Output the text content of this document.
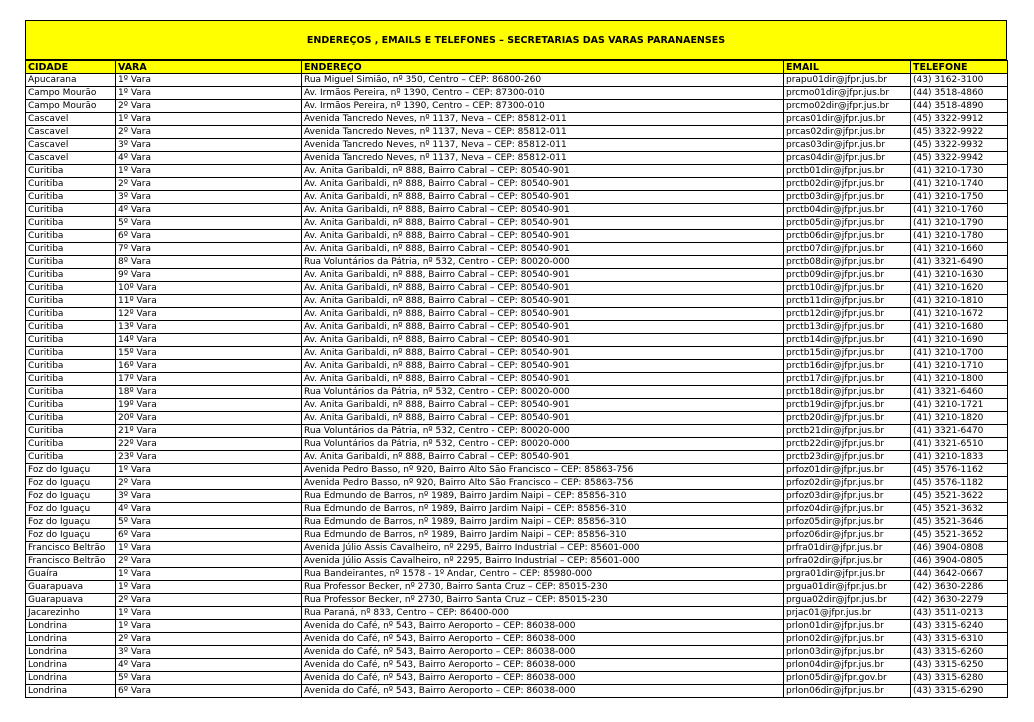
ENDEREÇOS , EMAILS E TELEFONES – SECRETARIAS DAS VARAS PARANAENSES
CIDADE	VARA	ENDEREÇO	EMAIL	TELEFONE
Apucarana	1º Vara	Rua Miguel Simião, nº 350, Centro – CEP: 86800-260	prapu01dir@jfpr.jus.br	(43) 3162-3100
Campo Mourão	1º Vara	Av. Irmãos Pereira, nº 1390, Centro – CEP: 87300-010	prcmo01dir@jfpr.jus.br	(44) 3518-4860
Campo Mourão	2º Vara	Av. Irmãos Pereira, nº 1390, Centro – CEP: 87300-010	prcmo02dir@jfpr.jus.br	(44) 3518-4890
Cascavel	1º Vara	Avenida Tancredo Neves, nº 1137, Neva – CEP: 85812-011	prcas01dir@jfpr.jus.br	(45) 3322-9912
Cascavel	2º Vara	Avenida Tancredo Neves, nº 1137, Neva – CEP: 85812-011	prcas02dir@jfpr.jus.br	(45) 3322-9922
Cascavel	3º Vara	Avenida Tancredo Neves, nº 1137, Neva – CEP: 85812-011	prcas03dir@jfpr.jus.br	(45) 3322-9932
Cascavel	4º Vara	Avenida Tancredo Neves, nº 1137, Neva – CEP: 85812-011	prcas04dir@jfpr.jus.br	(45) 3322-9942
Curitiba	1º Vara	Av. Anita Garibaldi, nº 888, Bairro Cabral – CEP: 80540-901	prctb01dir@jfpr.jus.br	(41) 3210-1730
Curitiba	2º Vara	Av. Anita Garibaldi, nº 888, Bairro Cabral – CEP: 80540-901	prctb02dir@jfpr.jus.br	(41) 3210-1740
Curitiba	3º Vara	Av. Anita Garibaldi, nº 888, Bairro Cabral – CEP: 80540-901	prctb03dir@jfpr.jus.br	(41) 3210-1750
Curitiba	4º Vara	Av. Anita Garibaldi, nº 888, Bairro Cabral – CEP: 80540-901	prctb04dir@jfpr.jus.br	(41) 3210-1760
Curitiba	5º Vara	Av. Anita Garibaldi, nº 888, Bairro Cabral – CEP: 80540-901	prctb05dir@jfpr.jus.br	(41) 3210-1790
Curitiba	6º Vara	Av. Anita Garibaldi, nº 888, Bairro Cabral – CEP: 80540-901	prctb06dir@jfpr.jus.br	(41) 3210-1780
Curitiba	7º Vara	Av. Anita Garibaldi, nº 888, Bairro Cabral – CEP: 80540-901	prctb07dir@jfpr.jus.br	(41) 3210-1660
Curitiba	8º Vara	Rua Voluntários da Pátria, nº 532, Centro - CEP: 80020-000	prctb08dir@jfpr.jus.br	(41) 3321-6490
Curitiba	9º Vara	Av. Anita Garibaldi, nº 888, Bairro Cabral – CEP: 80540-901	prctb09dir@jfpr.jus.br	(41) 3210-1630
Curitiba	10º Vara	Av. Anita Garibaldi, nº 888, Bairro Cabral – CEP: 80540-901	prctb10dir@jfpr.jus.br	(41) 3210-1620
Curitiba	11º Vara	Av. Anita Garibaldi, nº 888, Bairro Cabral – CEP: 80540-901	prctb11dir@jfpr.jus.br	(41) 3210-1810
Curitiba	12º Vara	Av. Anita Garibaldi, nº 888, Bairro Cabral – CEP: 80540-901	prctb12dir@jfpr.jus.br	(41) 3210-1672
Curitiba	13º Vara	Av. Anita Garibaldi, nº 888, Bairro Cabral – CEP: 80540-901	prctb13dir@jfpr.jus.br	(41) 3210-1680
Curitiba	14º Vara	Av. Anita Garibaldi, nº 888, Bairro Cabral – CEP: 80540-901	prctb14dir@jfpr.jus.br	(41) 3210-1690
Curitiba	15º Vara	Av. Anita Garibaldi, nº 888, Bairro Cabral – CEP: 80540-901	prctb15dir@jfpr.jus.br	(41) 3210-1700
Curitiba	16º Vara	Av. Anita Garibaldi, nº 888, Bairro Cabral – CEP: 80540-901	prctb16dir@jfpr.jus.br	(41) 3210-1710
Curitiba	17º Vara	Av. Anita Garibaldi, nº 888, Bairro Cabral – CEP: 80540-901	prctb17dir@jfpr.jus.br	(41) 3210-1800
Curitiba	18º Vara	Rua Voluntários da Pátria, nº 532, Centro - CEP: 80020-000	prctb18dir@jfpr.jus.br	(41) 3321-6460
Curitiba	19º Vara	Av. Anita Garibaldi, nº 888, Bairro Cabral – CEP: 80540-901	prctb19dir@jfpr.jus.br	(41) 3210-1721
Curitiba	20º Vara	Av. Anita Garibaldi, nº 888, Bairro Cabral – CEP: 80540-901	prctb20dir@jfpr.jus.br	(41) 3210-1820
Curitiba	21º Vara	Rua Voluntários da Pátria, nº 532, Centro - CEP: 80020-000	prctb21dir@jfpr.jus.br	(41) 3321-6470
Curitiba	22º Vara	Rua Voluntários da Pátria, nº 532, Centro - CEP: 80020-000	prctb22dir@jfpr.jus.br	(41) 3321-6510
Curitiba	23º Vara	Av. Anita Garibaldi, nº 888, Bairro Cabral – CEP: 80540-901	prctb23dir@jfpr.jus.br	(41) 3210-1833
Foz do Iguaçu	1º Vara	Avenida Pedro Basso, nº 920, Bairro Alto São Francisco – CEP: 85863-756	prfoz01dir@jfpr.jus.br	(45) 3576-1162
Foz do Iguaçu	2º Vara	Avenida Pedro Basso, nº 920, Bairro Alto São Francisco – CEP: 85863-756	prfoz02dir@jfpr.jus.br	(45) 3576-1182
Foz do Iguaçu	3º Vara	Rua Edmundo de Barros, nº 1989, Bairro Jardim Naipi – CEP: 85856-310	prfoz03dir@jfpr.jus.br	(45) 3521-3622
Foz do Iguaçu	4º Vara	Rua Edmundo de Barros, nº 1989, Bairro Jardim Naipi – CEP: 85856-310	prfoz04dir@jfpr.jus.br	(45) 3521-3632
Foz do Iguaçu	5º Vara	Rua Edmundo de Barros, nº 1989, Bairro Jardim Naipi – CEP: 85856-310	prfoz05dir@jfpr.jus.br	(45) 3521-3646
Foz do Iguaçu	6º Vara	Rua Edmundo de Barros, nº 1989, Bairro Jardim Naipi – CEP: 85856-310	prfoz06dir@jfpr.jus.br	(45) 3521-3652
Francisco Beltrão	1º Vara	Avenida Júlio Assis Cavalheiro, nº 2295, Bairro Industrial – CEP: 85601-000	prfra01dir@jfpr.jus.br	(46) 3904-0808
Francisco Beltrão	2º Vara	Avenida Júlio Assis Cavalheiro, nº 2295, Bairro Industrial – CEP: 85601-000	prfra02dir@jfpr.jus.br	(46) 3904-0805
Guaíra	1º Vara	Rua Bandeirantes, nº 1578 - 1º Andar, Centro – CEP: 85980-000	prgra01dir@jfpr.jus.br	(44) 3642-0667
Guarapuava	1º Vara	Rua Professor Becker, nº 2730, Bairro Santa Cruz – CEP: 85015-230	prgua01dir@jfpr.jus.br	(42) 3630-2286
Guarapuava	2º Vara	Rua Professor Becker, nº 2730, Bairro Santa Cruz – CEP: 85015-230	prgua02dir@jfpr.jus.br	(42) 3630-2279
Jacarezinho	1º Vara	Rua Paraná, nº 833, Centro – CEP: 86400-000	prjac01@jfpr.jus.br	(43) 3511-0213
Londrina	1º Vara	Avenida do Café, nº 543, Bairro Aeroporto – CEP: 86038-000	prlon01dir@jfpr.jus.br	(43) 3315-6240
Londrina	2º Vara	Avenida do Café, nº 543, Bairro Aeroporto – CEP: 86038-000	prlon02dir@jfpr.jus.br	(43) 3315-6310
Londrina	3º Vara	Avenida do Café, nº 543, Bairro Aeroporto – CEP: 86038-000	prlon03dir@jfpr.jus.br	(43) 3315-6260
Londrina	4º Vara	Avenida do Café, nº 543, Bairro Aeroporto – CEP: 86038-000	prlon04dir@jfpr.jus.br	(43) 3315-6250
Londrina	5º Vara	Avenida do Café, nº 543, Bairro Aeroporto – CEP: 86038-000	prlon05dir@jfpr.gov.br	(43) 3315-6280
Londrina	6º Vara	Avenida do Café, nº 543, Bairro Aeroporto – CEP: 86038-000	prlon06dir@jfpr.jus.br	(43) 3315-6290
